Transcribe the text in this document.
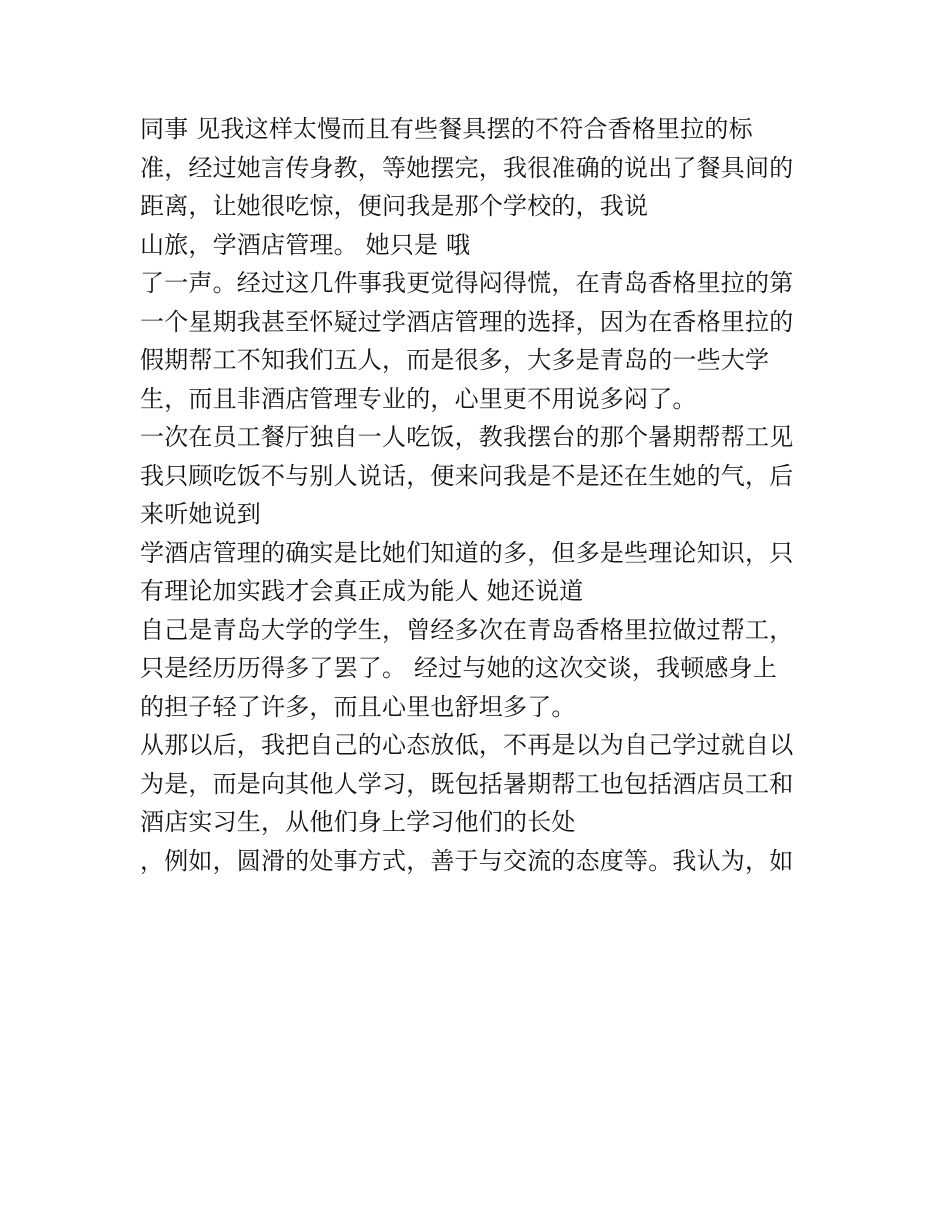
同事 见我这样太慢而且有些餐具摆的不符合香格里拉的标
准，经过她言传身教，等她摆完，我很准确的说出了餐具间的
距离，让她很吃惊，便问我是那个学校的，我说
山旅，学酒店管理。 她只是 哦
了一声。经过这几件事我更觉得闷得慌，在青岛香格里拉的第
一个星期我甚至怀疑过学酒店管理的选择，因为在香格里拉的
假期帮工不知我们五人，而是很多，大多是青岛的一些大学
生，而且非酒店管理专业的，心里更不用说多闷了。
一次在员工餐厅独自一人吃饭，教我摆台的那个暑期帮帮工见
我只顾吃饭不与别人说话，便来问我是不是还在生她的气，后
来听她说到
学酒店管理的确实是比她们知道的多，但多是些理论知识，只
有理论加实践才会真正成为能人 她还说道
自己是青岛大学的学生，曾经多次在青岛香格里拉做过帮工，
只是经历历得多了罢了。 经过与她的这次交谈，我顿感身上
的担子轻了许多，而且心里也舒坦多了。
从那以后，我把自己的心态放低，不再是以为自己学过就自以
为是，而是向其他人学习，既包括暑期帮工也包括酒店员工和
酒店实习生，从他们身上学习他们的长处
，例如，圆滑的处事方式，善于与交流的态度等。我认为，如
